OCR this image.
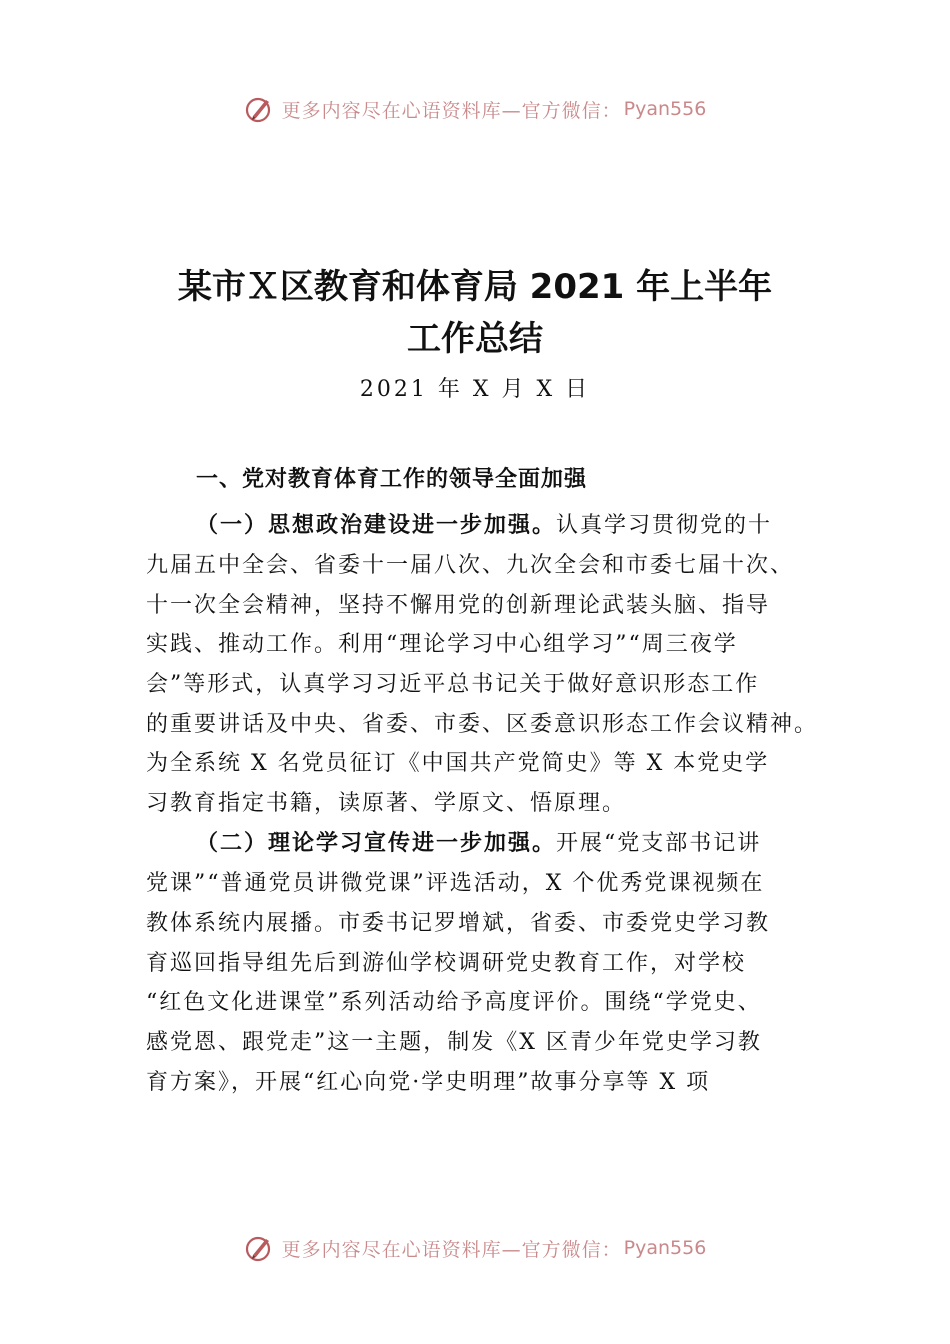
更多内容尽在心语资料库—官方微信： Pyan556
某市Ｘ区教育和体育局 2021 年上半年
工作总结
2021 年 X 月 X 日
一、党对教育体育工作的领导全面加强
（一）思想政治建设进一步加强。认真学习贯彻党的十
九届五中全会、省委十一届八次、九次全会和市委七届十次、
十一次全会精神，坚持不懈用党的创新理论武装头脑、指导
实践、推动工作。利用“理论学习中心组学习”“周三夜学
会”等形式，认真学习习近平总书记关于做好意识形态工作
的重要讲话及中央、省委、市委、区委意识形态工作会议精神。
为全系统 X 名党员征订《中国共产党简史》等 X 本党史学
习教育指定书籍，读原著、学原文、悟原理。
（二）理论学习宣传进一步加强。开展“党支部书记讲
党课”“普通党员讲微党课”评选活动，X 个优秀党课视频在
教体系统内展播。市委书记罗增斌，省委、市委党史学习教
育巡回指导组先后到游仙学校调研党史教育工作，对学校
“红色文化进课堂”系列活动给予高度评价。围绕“学党史、
感党恩、跟党走”这一主题，制发《X 区青少年党史学习教
育方案》，开展“红心向党·学史明理”故事分享等 X 项
更多内容尽在心语资料库—官方微信： Pyan556
